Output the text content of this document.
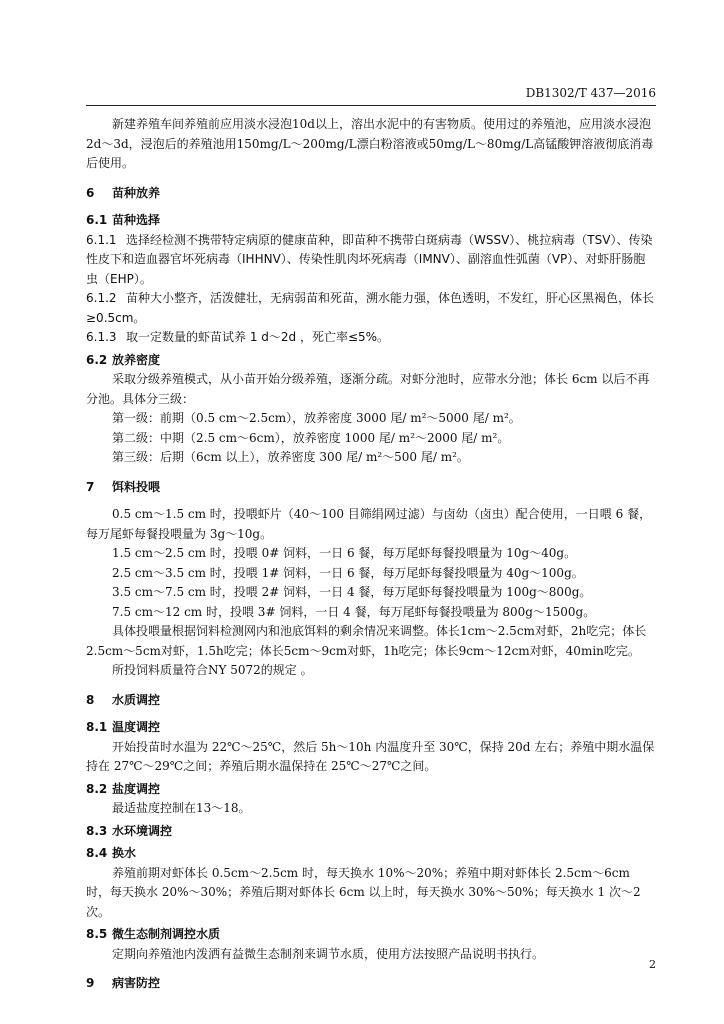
DB1302/T 437—2016

新建养殖车间养殖前应用淡水浸泡10d以上，溶出水泥中的有害物质。使用过的养殖池，应用淡水浸泡2d～3d，浸泡后的养殖池用150mg/L～200mg/L漂白粉溶液或50mg/L～80mg/L高锰酸钾溶液彻底消毒后使用。

6 苗种放养
6.1 苗种选择

6.1.1 选择经检测不携带特定病原的健康苗种，即苗种不携带白斑病毒（WSSV）、桃拉病毒（TSV）、传染性皮下和造血器官坏死病毒（IHHNV）、传染性肌肉坏死病毒（IMNV）、副溶血性弧菌（VP）、对虾肝肠胞虫（EHP）。

6.1.2 苗种大小整齐，活泼健壮，无病弱苗和死苗，溯水能力强，体色透明，不发红，肝心区黑褐色，体长≥0.5cm。

6.1.3 取一定数量的虾苗试养 1 d～2d ，死亡率≤5%。

6.2 放养密度

采取分级养殖模式，从小苗开始分级养殖，逐渐分疏。对虾分池时，应带水分池；体长 6cm 以后不再分池。具体分三级：

第一级：前期（0.5 cm～2.5cm），放养密度 3000 尾/ m²～5000 尾/ m²。

第二级：中期（2.5 cm～6cm），放养密度 1000 尾/ m²～2000 尾/ m²。

第三级：后期（6cm 以上），放养密度 300 尾/ m²～500 尾/ m²。

7 饵料投喂

0.5 cm～1.5 cm 时，投喂虾片（40～100 目筛绢网过滤）与卤幼（卤虫）配合使用，一日喂 6 餐，每万尾虾每餐投喂量为 3g～10g。

1.5 cm～2.5 cm 时，投喂 0# 饲料，一日 6 餐，每万尾虾每餐投喂量为 10g～40g。

2.5 cm～3.5 cm 时，投喂 1# 饲料，一日 6 餐，每万尾虾每餐投喂量为 40g～100g。

3.5 cm～7.5 cm 时，投喂 2# 饲料，一日 4 餐，每万尾虾每餐投喂量为 100g～800g。

7.5 cm～12 cm 时，投喂 3# 饲料，一日 4 餐，每万尾虾每餐投喂量为 800g～1500g。

具体投喂量根据饲料检测网内和池底饵料的剩余情况来调整。体长1cm～2.5cm对虾，2h吃完；体长2.5cm～5cm对虾，1.5h吃完；体长5cm～9cm对虾，1h吃完；体长9cm～12cm对虾，40min吃完。

所投饲料质量符合NY 5072的规定 。

8 水质调控
8.1 温度调控

开始投苗时水温为 22℃～25℃，然后 5h～10h 内温度升至 30℃，保持 20d 左右；养殖中期水温保持在 27℃～29℃之间；养殖后期水温保持在 25℃～27℃之间。

8.2 盐度调控

最适盐度控制在13～18。

8.3 水环境调控
8.4 换水

养殖前期对虾体长 0.5cm～2.5cm 时，每天换水 10%～20%；养殖中期对虾体长 2.5cm～6cm 时，每天换水 20%～30%；养殖后期对虾体长 6cm 以上时，每天换水 30%～50%；每天换水 1 次～2 次。

8.5 微生态制剂调控水质

定期向养殖池内泼洒有益微生态制剂来调节水质，使用方法按照产品说明书执行。

9 病害防控
2
